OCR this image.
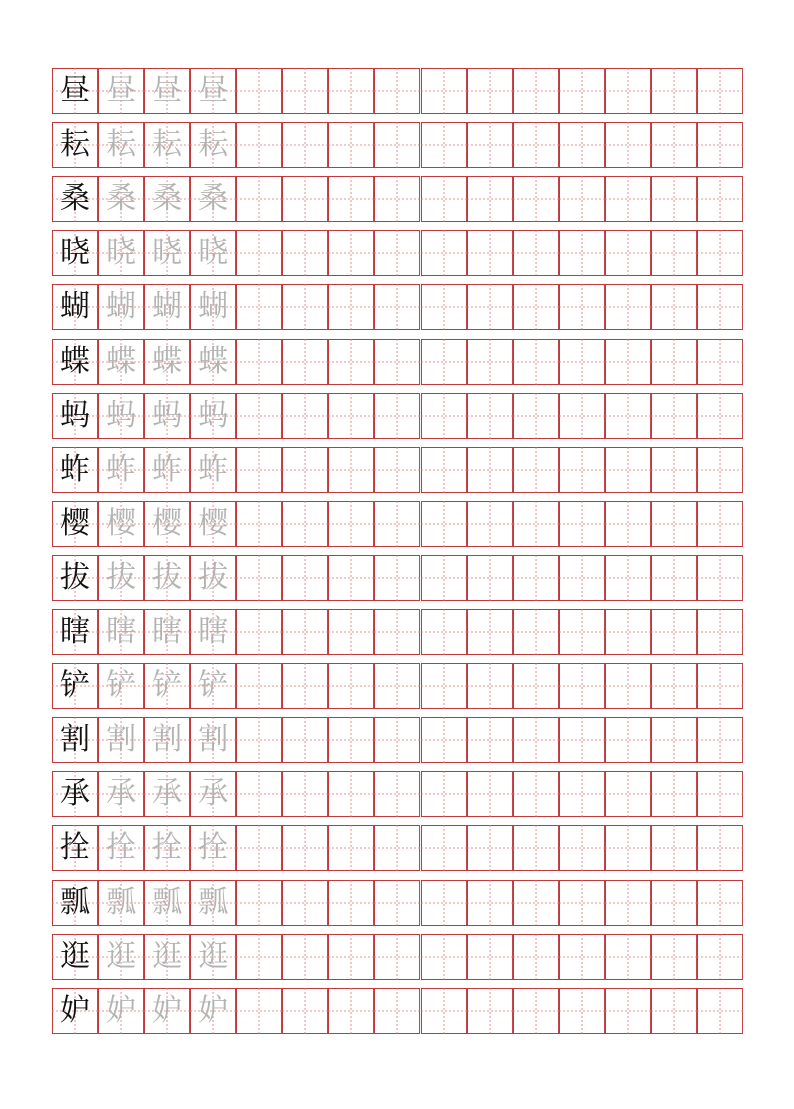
昼 昼 昼 昼
耘 耘 耘 耘
桑 桑 桑 桑
晓 晓 晓 晓
蝴 蝴 蝴 蝴
蝶 蝶 蝶 蝶
蚂 蚂 蚂 蚂
蚱 蚱 蚱 蚱
樱 樱 樱 樱
拔 拔 拔 拔
瞎 瞎 瞎 瞎
铲 铲 铲 铲
割 割 割 割
承 承 承 承
拴 拴 拴 拴
瓢 瓢 瓢 瓢
逛 逛 逛 逛
妒 妒 妒 妒
